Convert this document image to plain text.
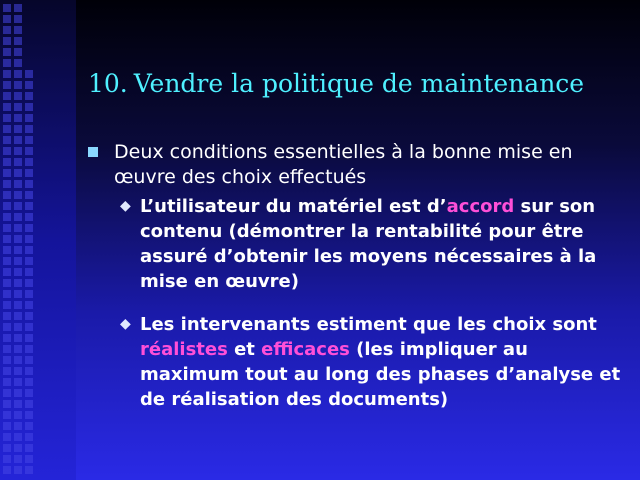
10. Vendre la politique de maintenance

Deux conditions essentielles à la bonne mise en œuvre des choix effectués

◆ L’utilisateur du matériel est d’accord sur son contenu (démontrer la rentabilité pour être assuré d’obtenir les moyens nécessaires à la mise en œuvre)

◆ Les intervenants estiment que les choix sont réalistes et efficaces (les impliquer au maximum tout au long des phases d’analyse et de réalisation des documents)
